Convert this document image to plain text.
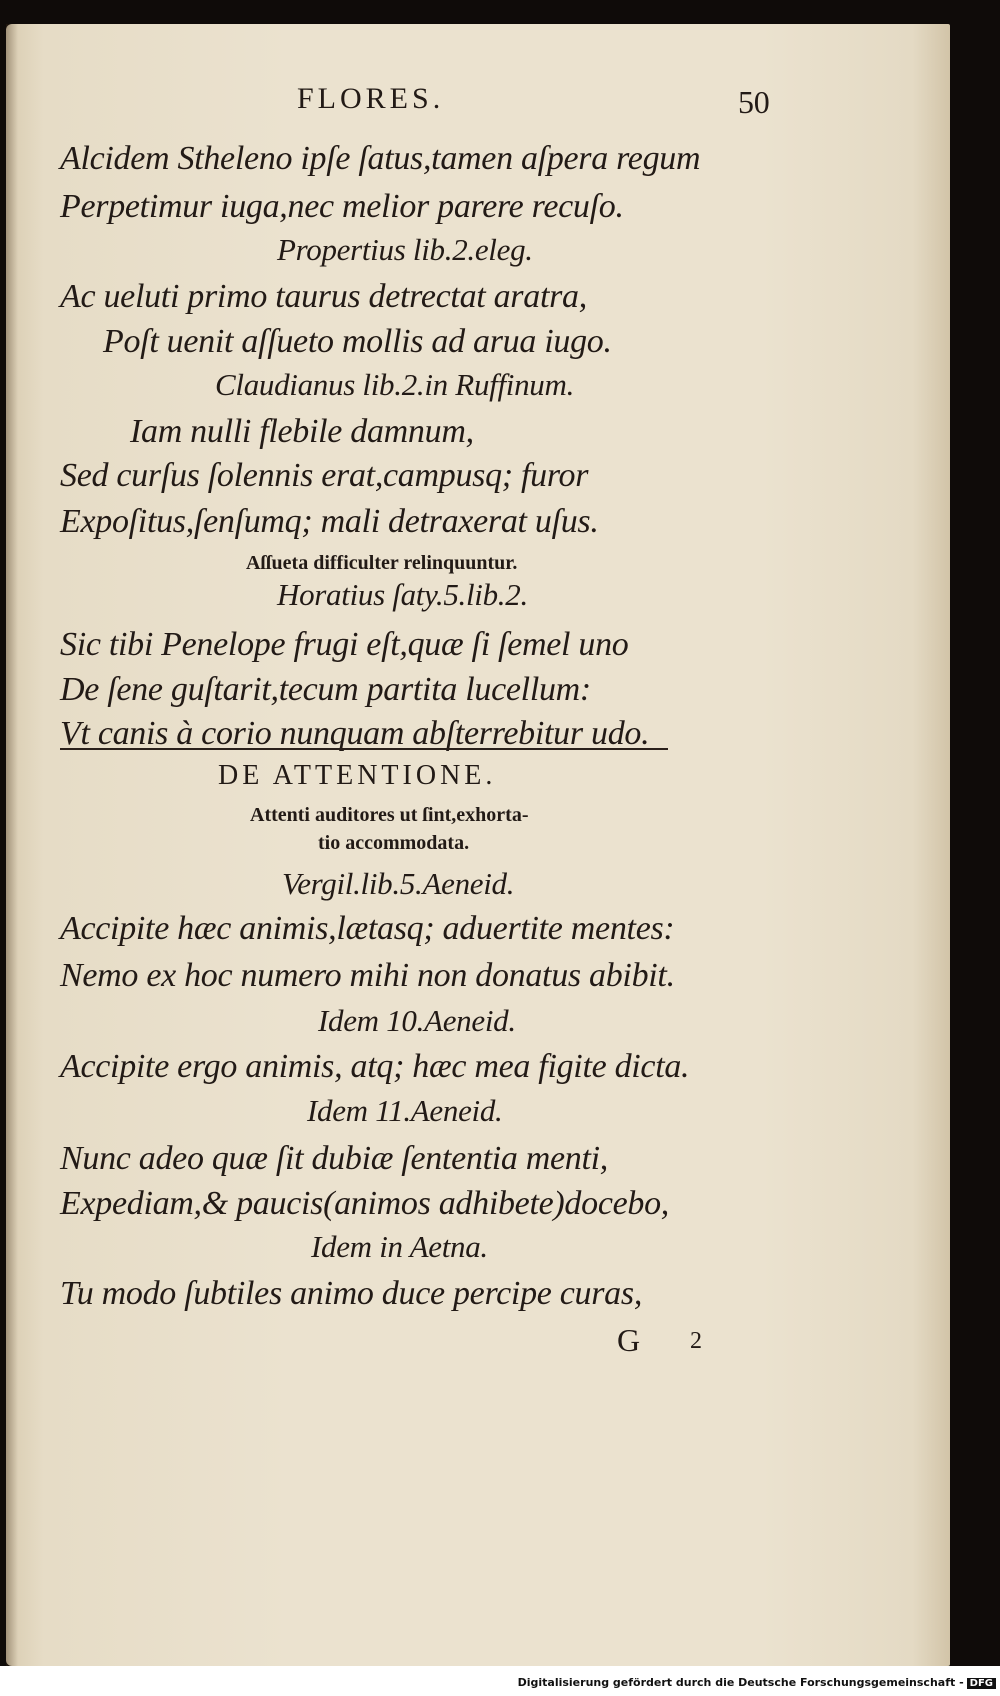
FLORES.	50
Alcidem Stheleno ipſe ſatus,tamen aſpera regum
Perpetimur iuga,nec melior parere recuſo.
Propertius lib.2.eleg.
Ac ueluti primo taurus detrectat aratra,
Poſt uenit aſſueto mollis ad arua iugo.
Claudianus lib.2.in Ruffinum.
Iam nulli flebile damnum,
Sed curſus ſolennis erat,campusq; furor
Expoſitus,ſenſumq; mali detraxerat uſus.
Aſſueta difficulter relinquuntur.
Horatius ſaty.5.lib.2.
Sic tibi Penelope frugi eſt,quæ ſi ſemel uno
De ſene guſtarit,tecum partita lucellum:
Vt canis à corio nunquam abſterrebitur udo.
DE ATTENTIONE.
Attenti auditores ut ſint,exhorta-
tio accommodata.
Vergil.lib.5.Aeneid.
Accipite hæc animis,lætasq; aduertite mentes:
Nemo ex hoc numero mihi non donatus abibit.
Idem 10.Aeneid.
Accipite ergo animis, atq; hæc mea figite dicta.
Idem 11.Aeneid.
Nunc adeo quæ ſit dubiæ ſententia menti,
Expediam,& paucis(animos adhibete)docebo,
Idem in Aetna.
Tu modo ſubtiles animo duce percipe curas,
G 2
Digitalisierung gefördert durch die Deutsche Forschungsgemeinschaft - DFG
